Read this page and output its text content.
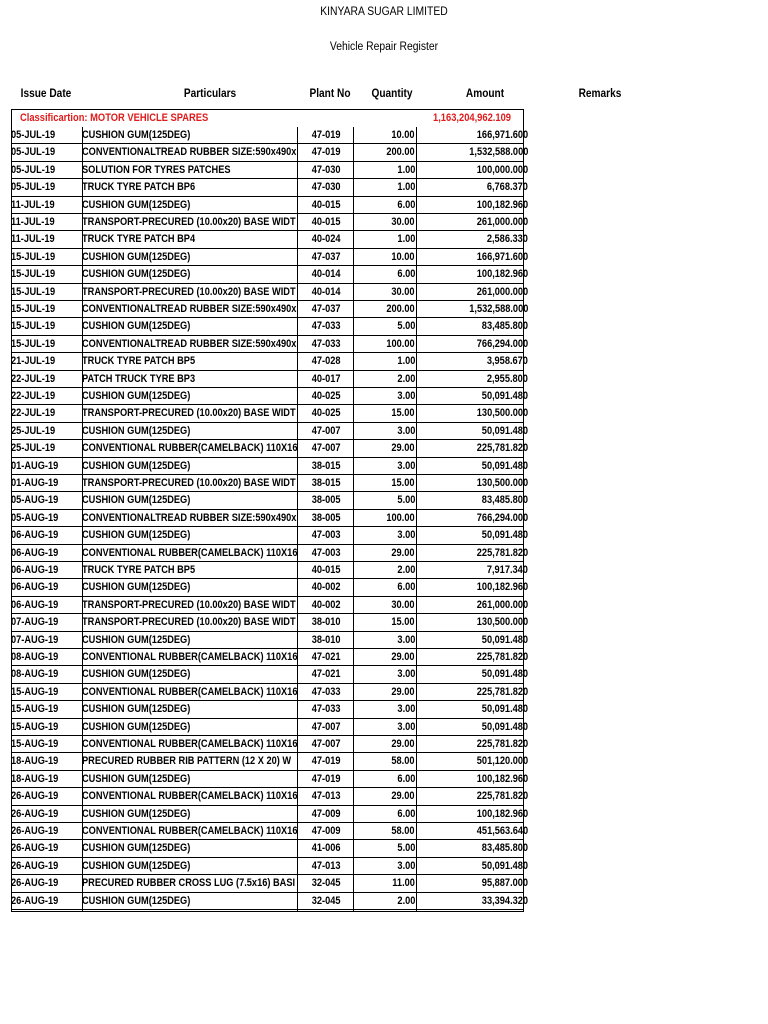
KINYARA SUGAR LIMITED
Vehicle Repair Register
Issue Date	Particulars	Plant No	Quantity	Amount	Remarks
Classificartion: MOTOR VEHICLE SPARES	1,163,204,962.109
05-JUL-19	CUSHION GUM(125DEG)	47-019	10.00	166,971.600
05-JUL-19	CONVENTIONALTREAD RUBBER SIZE:590x490x	47-019	200.00	1,532,588.000
05-JUL-19	SOLUTION FOR TYRES PATCHES	47-030	1.00	100,000.000
05-JUL-19	TRUCK TYRE PATCH BP6	47-030	1.00	6,768.370
11-JUL-19	CUSHION GUM(125DEG)	40-015	6.00	100,182.960
11-JUL-19	TRANSPORT-PRECURED (10.00x20) BASE WIDT	40-015	30.00	261,000.000
11-JUL-19	TRUCK TYRE PATCH BP4	40-024	1.00	2,586.330
15-JUL-19	CUSHION GUM(125DEG)	47-037	10.00	166,971.600
15-JUL-19	CUSHION GUM(125DEG)	40-014	6.00	100,182.960
15-JUL-19	TRANSPORT-PRECURED (10.00x20) BASE WIDT	40-014	30.00	261,000.000
15-JUL-19	CONVENTIONALTREAD RUBBER SIZE:590x490x	47-037	200.00	1,532,588.000
15-JUL-19	CUSHION GUM(125DEG)	47-033	5.00	83,485.800
15-JUL-19	CONVENTIONALTREAD RUBBER SIZE:590x490x	47-033	100.00	766,294.000
21-JUL-19	TRUCK TYRE PATCH BP5	47-028	1.00	3,958.670
22-JUL-19	PATCH TRUCK TYRE BP3	40-017	2.00	2,955.800
22-JUL-19	CUSHION GUM(125DEG)	40-025	3.00	50,091.480
22-JUL-19	TRANSPORT-PRECURED (10.00x20) BASE WIDT	40-025	15.00	130,500.000
25-JUL-19	CUSHION GUM(125DEG)	47-007	3.00	50,091.480
25-JUL-19	CONVENTIONAL RUBBER(CAMELBACK) 110X16	47-007	29.00	225,781.820
01-AUG-19	CUSHION GUM(125DEG)	38-015	3.00	50,091.480
01-AUG-19	TRANSPORT-PRECURED (10.00x20) BASE WIDT	38-015	15.00	130,500.000
05-AUG-19	CUSHION GUM(125DEG)	38-005	5.00	83,485.800
05-AUG-19	CONVENTIONALTREAD RUBBER SIZE:590x490x	38-005	100.00	766,294.000
06-AUG-19	CUSHION GUM(125DEG)	47-003	3.00	50,091.480
06-AUG-19	CONVENTIONAL RUBBER(CAMELBACK) 110X16	47-003	29.00	225,781.820
06-AUG-19	TRUCK TYRE PATCH BP5	40-015	2.00	7,917.340
06-AUG-19	CUSHION GUM(125DEG)	40-002	6.00	100,182.960
06-AUG-19	TRANSPORT-PRECURED (10.00x20) BASE WIDT	40-002	30.00	261,000.000
07-AUG-19	TRANSPORT-PRECURED (10.00x20) BASE WIDT	38-010	15.00	130,500.000
07-AUG-19	CUSHION GUM(125DEG)	38-010	3.00	50,091.480
08-AUG-19	CONVENTIONAL RUBBER(CAMELBACK) 110X16	47-021	29.00	225,781.820
08-AUG-19	CUSHION GUM(125DEG)	47-021	3.00	50,091.480
15-AUG-19	CONVENTIONAL RUBBER(CAMELBACK) 110X16	47-033	29.00	225,781.820
15-AUG-19	CUSHION GUM(125DEG)	47-033	3.00	50,091.480
15-AUG-19	CUSHION GUM(125DEG)	47-007	3.00	50,091.480
15-AUG-19	CONVENTIONAL RUBBER(CAMELBACK) 110X16	47-007	29.00	225,781.820
18-AUG-19	PRECURED RUBBER RIB PATTERN (12 X 20) W	47-019	58.00	501,120.000
18-AUG-19	CUSHION GUM(125DEG)	47-019	6.00	100,182.960
26-AUG-19	CONVENTIONAL RUBBER(CAMELBACK) 110X16	47-013	29.00	225,781.820
26-AUG-19	CUSHION GUM(125DEG)	47-009	6.00	100,182.960
26-AUG-19	CONVENTIONAL RUBBER(CAMELBACK) 110X16	47-009	58.00	451,563.640
26-AUG-19	CUSHION GUM(125DEG)	41-006	5.00	83,485.800
26-AUG-19	CUSHION GUM(125DEG)	47-013	3.00	50,091.480
26-AUG-19	PRECURED RUBBER CROSS LUG (7.5x16) BASI	32-045	11.00	95,887.000
26-AUG-19	CUSHION GUM(125DEG)	32-045	2.00	33,394.320
